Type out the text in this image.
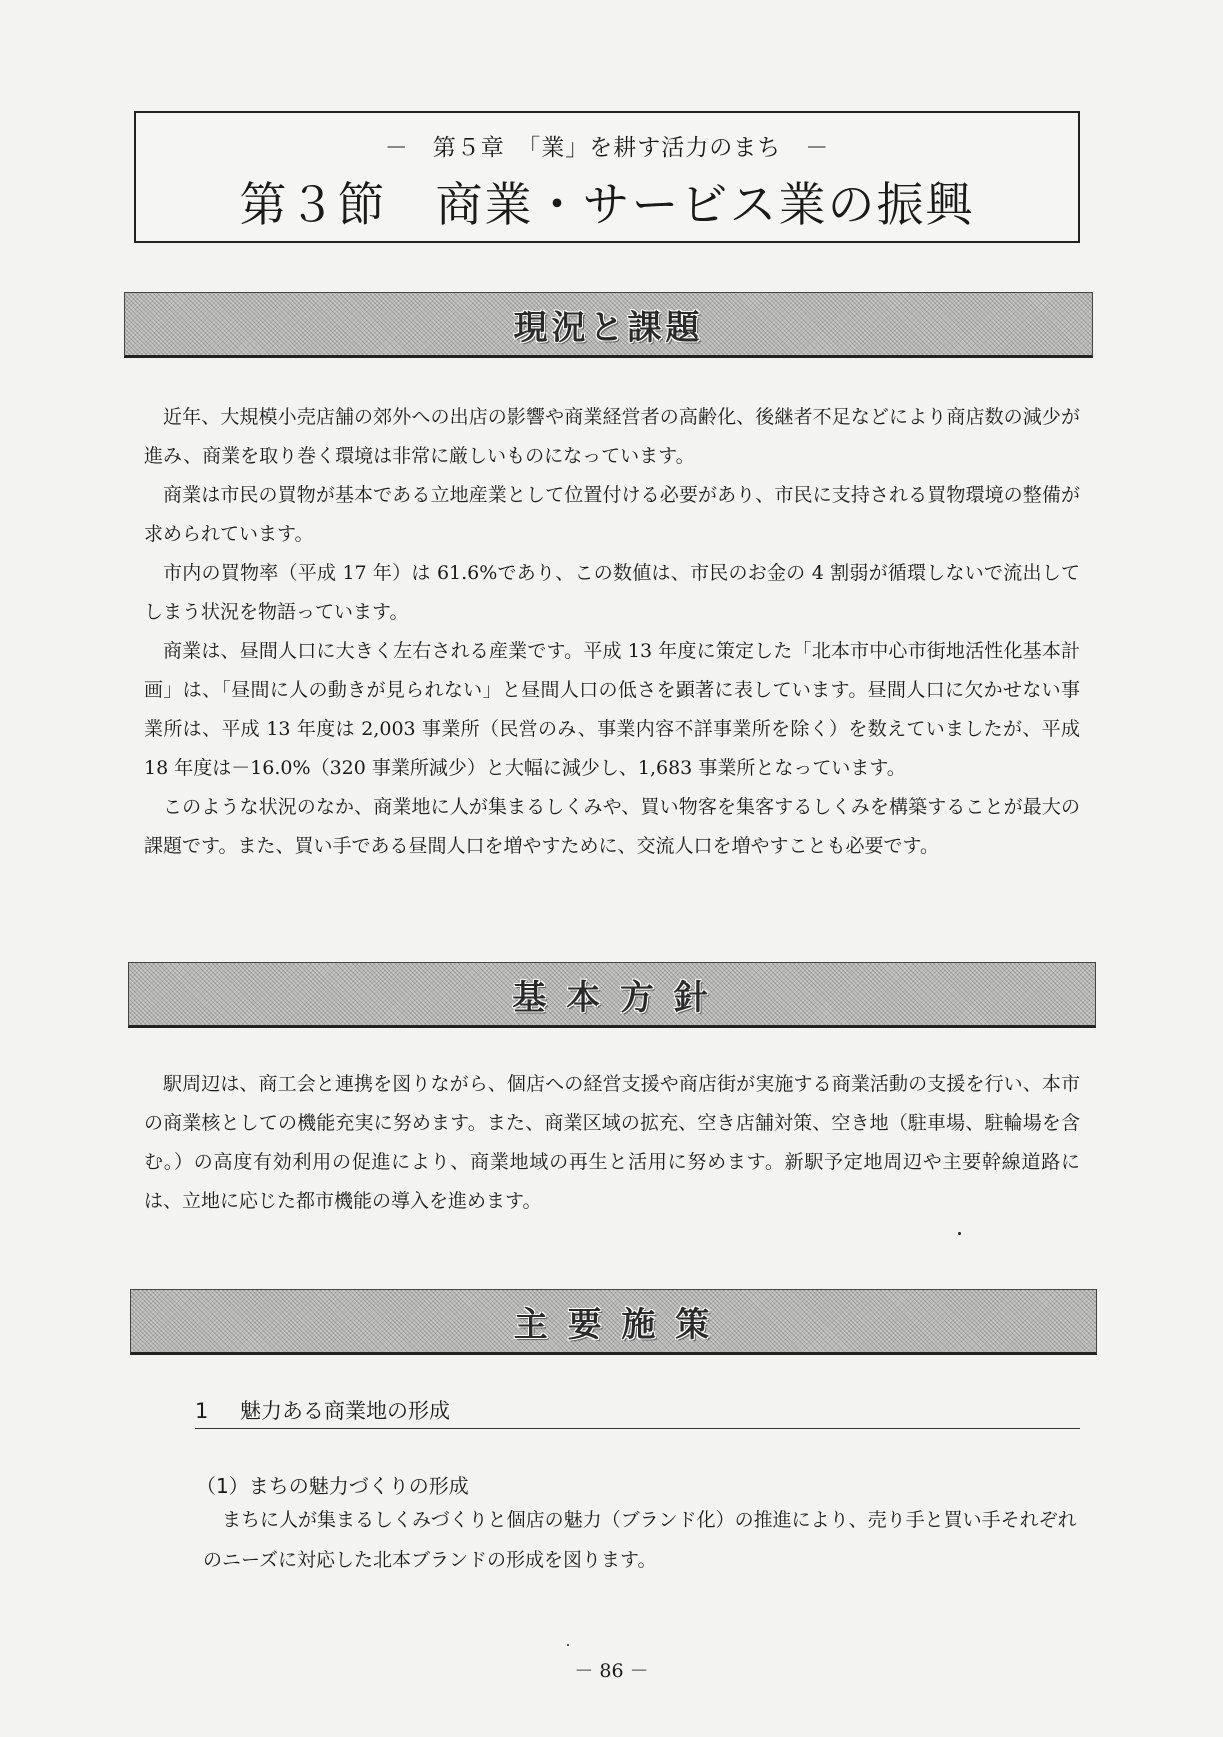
－　第５章　「業」を耕す活力のまち　－
第３節　商業・サービス業の振興
現況と課題

近年、大規模小売店舗の郊外への出店の影響や商業経営者の高齢化、後継者不足などにより商店数の減少が進み、商業を取り巻く環境は非常に厳しいものになっています。

商業は市民の買物が基本である立地産業として位置付ける必要があり、市民に支持される買物環境の整備が求められています。

市内の買物率（平成 17 年）は 61.6%であり、この数値は、市民のお金の 4 割弱が循環しないで流出してしまう状況を物語っています。

商業は、昼間人口に大きく左右される産業です。平成 13 年度に策定した「北本市中心市街地活性化基本計画」は、「昼間に人の動きが見られない」と昼間人口の低さを顕著に表しています。昼間人口に欠かせない事業所は、平成 13 年度は 2,003 事業所（民営のみ、事業内容不詳事業所を除く）を数えていましたが、平成 18 年度は－16.0%（320 事業所減少）と大幅に減少し、1,683 事業所となっています。

このような状況のなか、商業地に人が集まるしくみや、買い物客を集客するしくみを構築することが最大の課題です。また、買い手である昼間人口を増やすために、交流人口を増やすことも必要です。

基 本 方 針

駅周辺は、商工会と連携を図りながら、個店への経営支援や商店街が実施する商業活動の支援を行い、本市の商業核としての機能充実に努めます。また、商業区域の拡充、空き店舗対策、空き地（駐車場、駐輪場を含む。）の高度有効利用の促進により、商業地域の再生と活用に努めます。新駅予定地周辺や主要幹線道路には、立地に応じた都市機能の導入を進めます。

主 要 施 策
1 魅力ある商業地の形成
（1）まちの魅力づくりの形成

まちに人が集まるしくみづくりと個店の魅力（ブランド化）の推進により、売り手と買い手それぞれのニーズに対応した北本ブランドの形成を図ります。

－ 86 －
